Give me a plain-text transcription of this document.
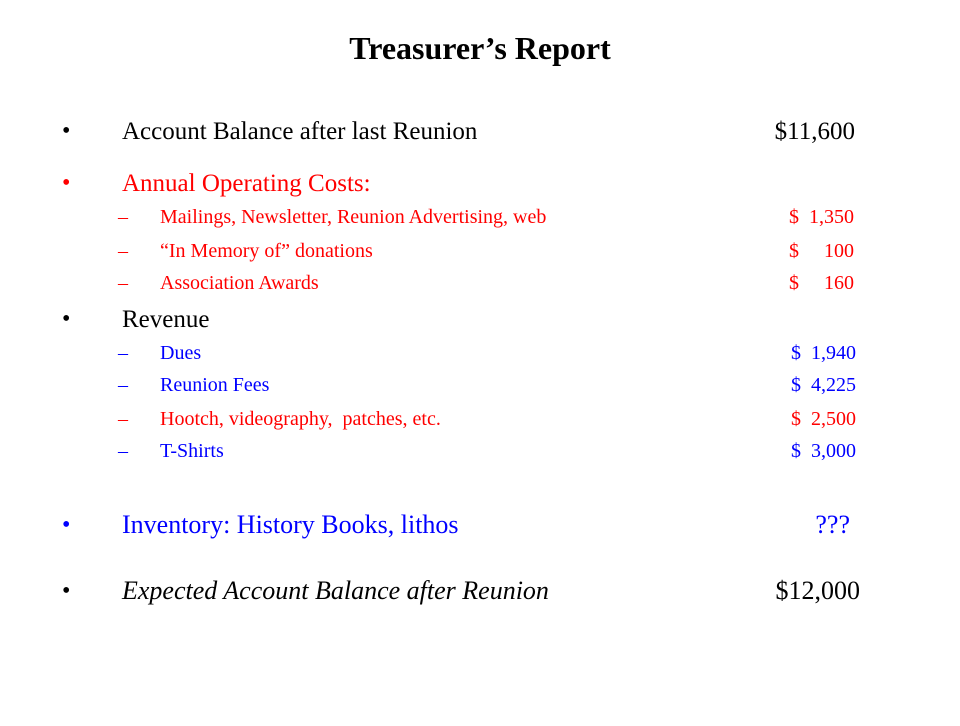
Treasurer’s Report

•

Account Balance after last Reunion

	$11,600

•

Annual Operating Costs:

–

Mailings, Newsletter, Reunion Advertising, web

	$  1,350

–

“In Memory of” donations

	$     100

–

Association Awards

	$     160

•

Revenue

–

Dues

	$  1,940

–

Reunion Fees

	$  4,225

–

Hootch, videography,  patches, etc.

	$  2,500

–

T-Shirts

	$  3,000

•

Inventory: History Books, lithos

	???

•

Expected Account Balance after Reunion

	$12,000
